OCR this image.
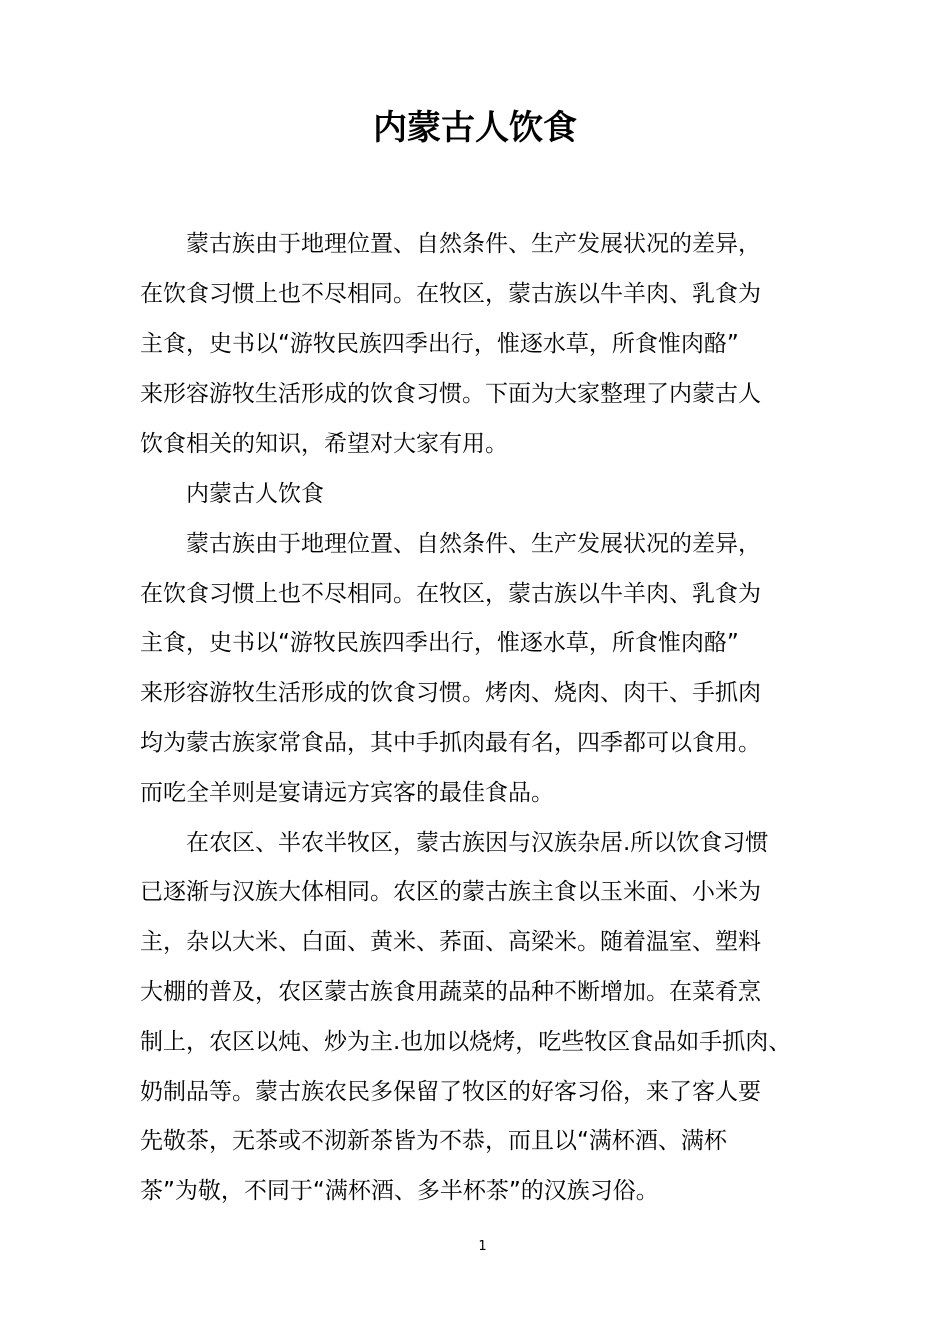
内蒙古人饮食

蒙古族由于地理位置、自然条件、生产发展状况的差异，

在饮食习惯上也不尽相同。在牧区，蒙古族以牛羊肉、乳食为

主食，史书以“游牧民族四季出行，惟逐水草，所食惟肉酪”

来形容游牧生活形成的饮食习惯。下面为大家整理了内蒙古人

饮食相关的知识，希望对大家有用。

内蒙古人饮食

蒙古族由于地理位置、自然条件、生产发展状况的差异，

在饮食习惯上也不尽相同。在牧区，蒙古族以牛羊肉、乳食为

主食，史书以“游牧民族四季出行，惟逐水草，所食惟肉酪”

来形容游牧生活形成的饮食习惯。烤肉、烧肉、肉干、手抓肉

均为蒙古族家常食品，其中手抓肉最有名，四季都可以食用。

而吃全羊则是宴请远方宾客的最佳食品。

在农区、半农半牧区，蒙古族因与汉族杂居.所以饮食习惯

已逐渐与汉族大体相同。农区的蒙古族主食以玉米面、小米为

主，杂以大米、白面、黄米、荞面、高梁米。随着温室、塑料

大棚的普及，农区蒙古族食用蔬菜的品种不断增加。在菜肴烹

制上，农区以炖、炒为主.也加以烧烤，吃些牧区食品如手抓肉、

奶制品等。蒙古族农民多保留了牧区的好客习俗，来了客人要

先敬茶，无茶或不沏新茶皆为不恭，而且以“满杯酒、满杯

茶”为敬，不同于“满杯酒、多半杯茶”的汉族习俗。

1
